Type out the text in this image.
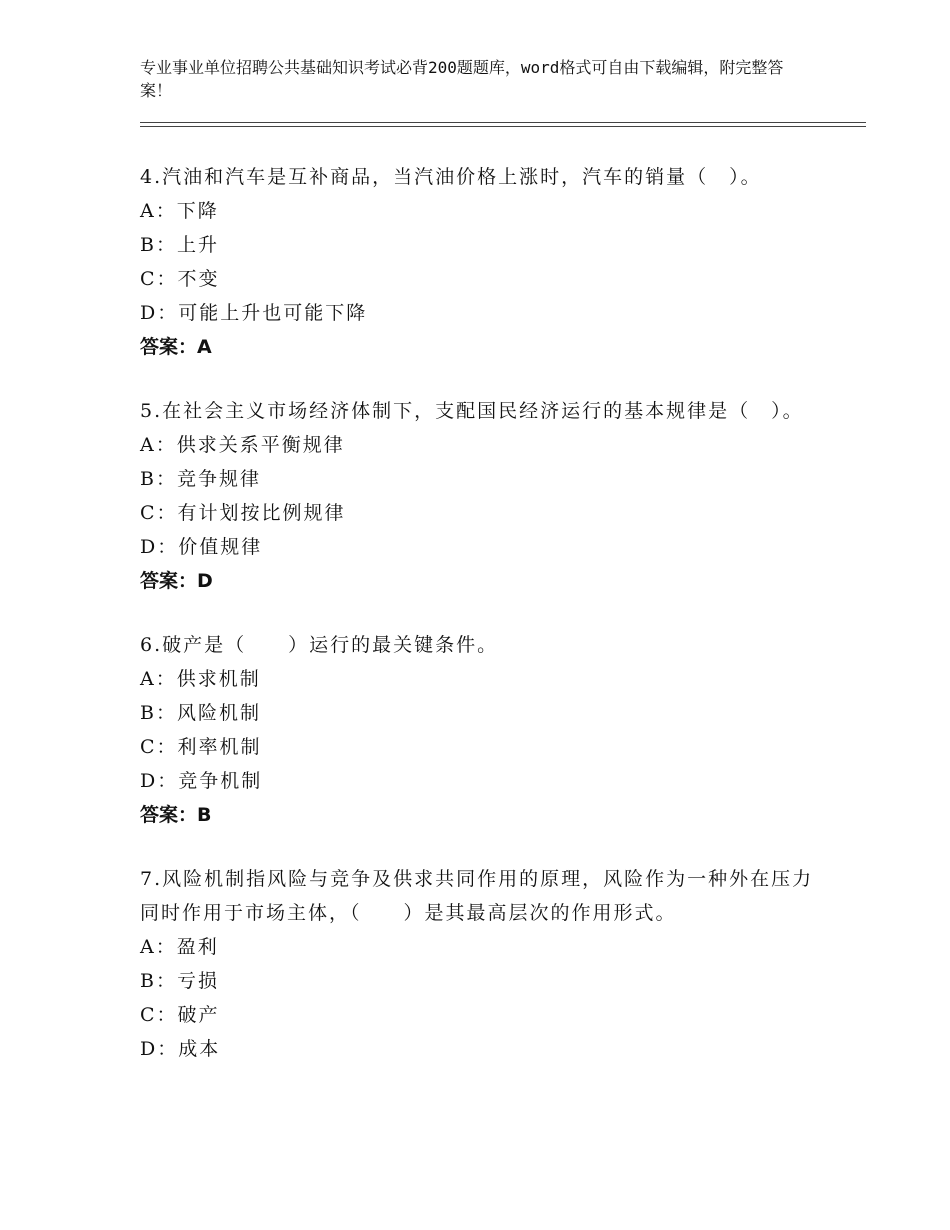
专业事业单位招聘公共基础知识考试必背200题题库，word格式可自由下载编辑，附完整答案！
4.汽油和汽车是互补商品，当汽油价格上涨时，汽车的销量（　）。
A：下降
B：上升
C：不变
D：可能上升也可能下降
答案：A
5.在社会主义市场经济体制下，支配国民经济运行的基本规律是（　）。
A：供求关系平衡规律
B：竞争规律
C：有计划按比例规律
D：价值规律
答案：D
6.破产是（　　）运行的最关键条件。
A：供求机制
B：风险机制
C：利率机制
D：竞争机制
答案：B
7.风险机制指风险与竞争及供求共同作用的原理，风险作为一种外在压力同时作用于市场主体，（　　）是其最高层次的作用形式。
A：盈利
B：亏损
C：破产
D：成本
